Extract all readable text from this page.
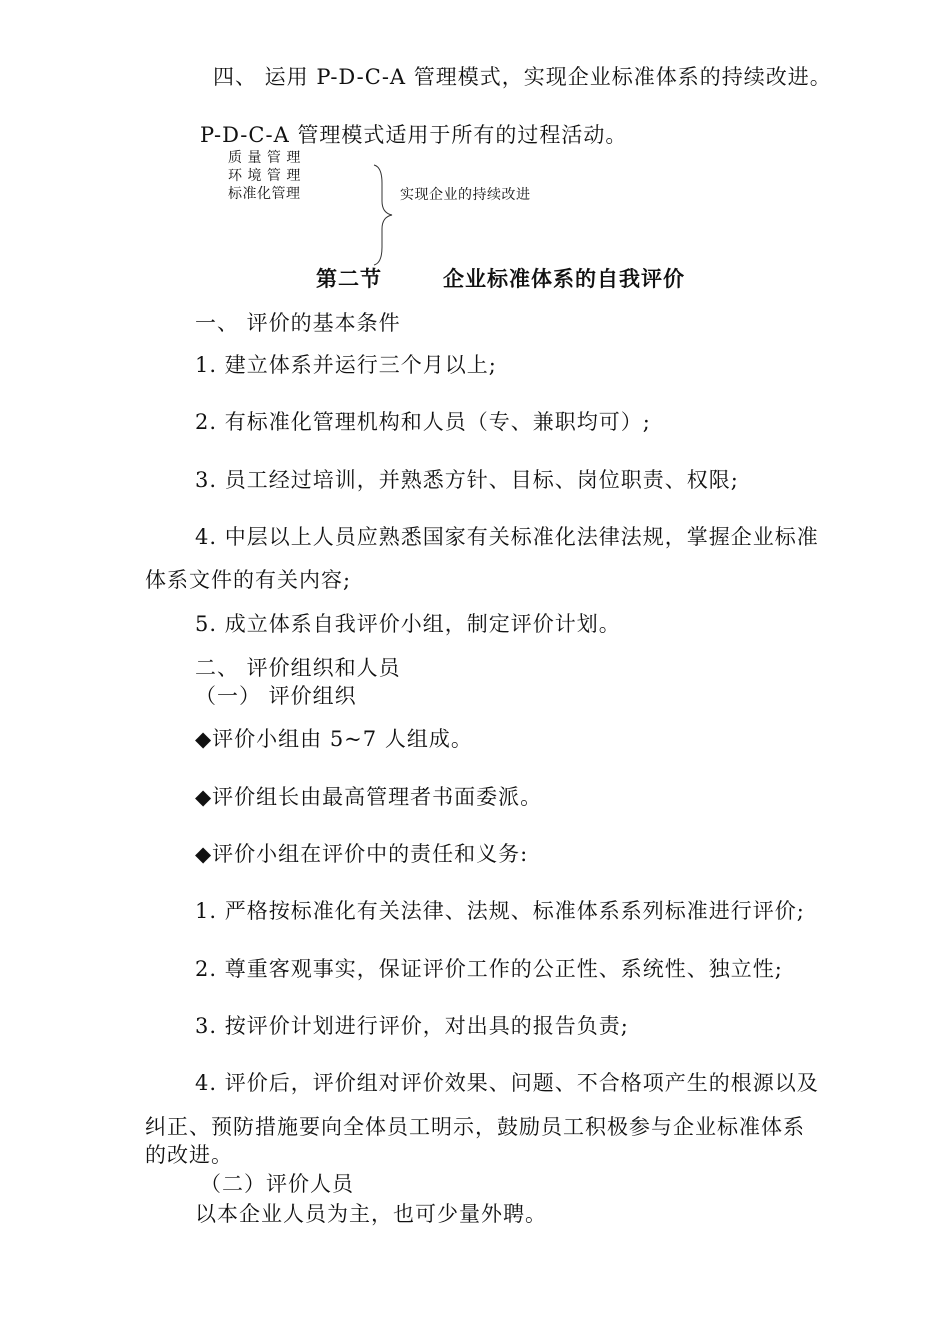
四、 运用 P-D-C-A 管理模式，实现企业标准体系的持续改进。
P-D-C-A 管理模式适用于所有的过程活动。
质 量 管 理
环 境 管 理
标准化管理	实现企业的持续改进
第二节	企业标准体系的自我评价
一、 评价的基本条件
1. 建立体系并运行三个月以上;
2. 有标准化管理机构和人员（专、兼职均可）;
3. 员工经过培训，并熟悉方针、目标、岗位职责、权限;
4. 中层以上人员应熟悉国家有关标准化法律法规，掌握企业标准
体系文件的有关内容;
5. 成立体系自我评价小组，制定评价计划。
二、 评价组织和人员
（一） 评价组织
◆评价小组由 5~7 人组成。
◆评价组长由最高管理者书面委派。
◆评价小组在评价中的责任和义务:
1. 严格按标准化有关法律、法规、标准体系系列标准进行评价;
2. 尊重客观事实，保证评价工作的公正性、系统性、独立性;
3. 按评价计划进行评价，对出具的报告负责;
4. 评价后，评价组对评价效果、问题、不合格项产生的根源以及
纠正、预防措施要向全体员工明示，鼓励员工积极参与企业标准体系
的改进。
（二）评价人员
以本企业人员为主，也可少量外聘。
